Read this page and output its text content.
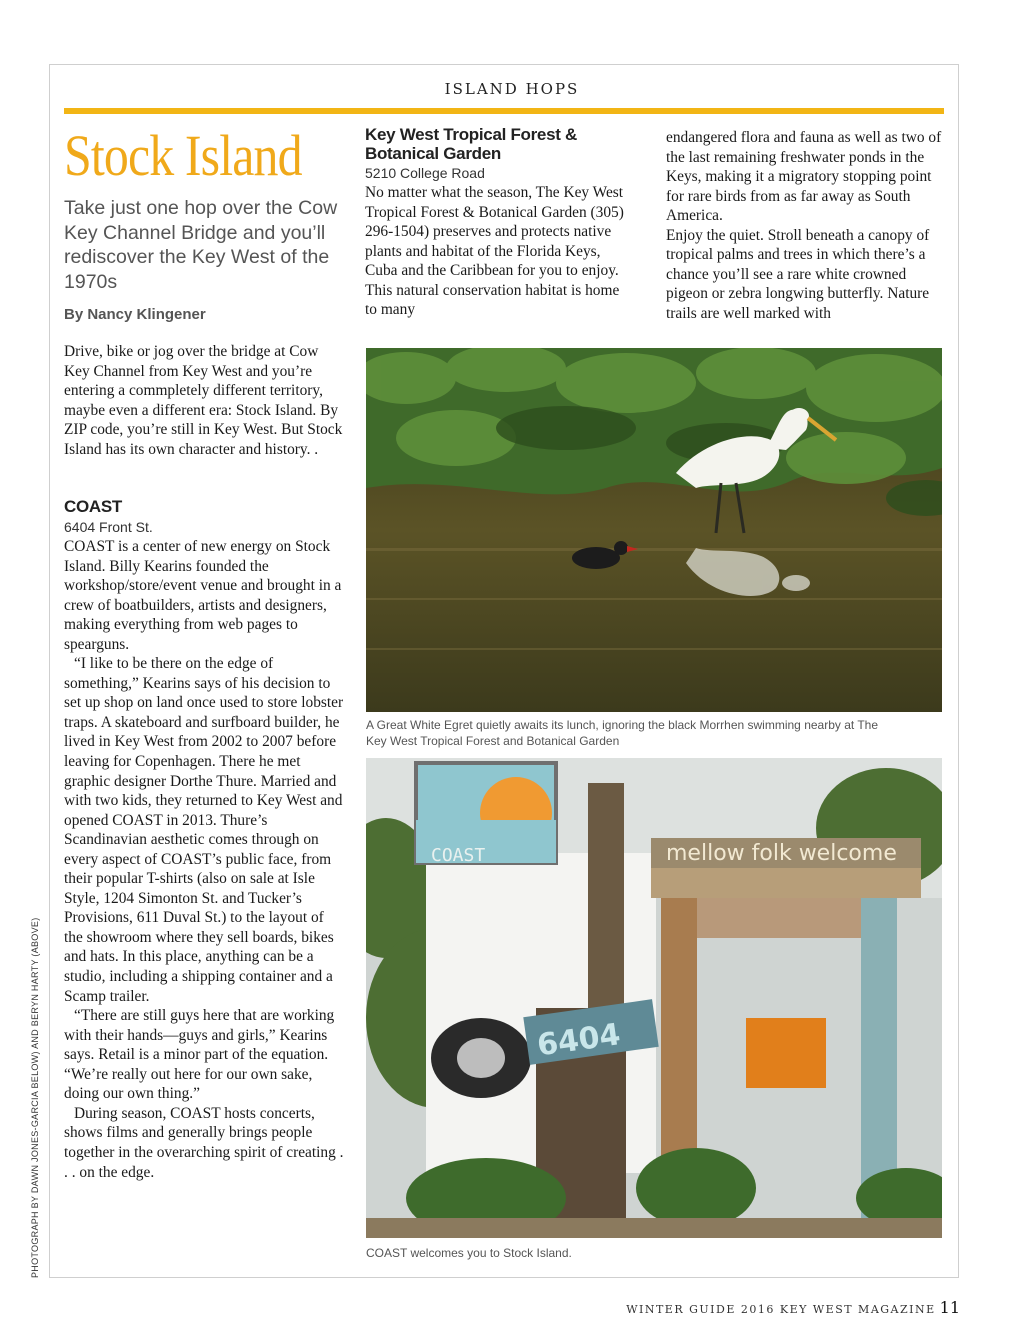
ISLAND HOPS
Stock Island
Take just one hop over the Cow Key Channel Bridge and you’ll rediscover the Key West of the 1970s
By Nancy Klingener

Drive, bike or jog over the bridge at Cow Key Channel from Key West and you’re entering a commpletely different territory, maybe even a different era: Stock Island. By ZIP code, you’re still in Key West. But Stock Island has its own character and history. .

COAST
6404 Front St.

COAST is a center of new energy on Stock Island. Billy Kearins founded the workshop/store/event venue and brought in a crew of boatbuilders, artists and designers, making everything from web pages to spearguns.

“I like to be there on the edge of something,” Kearins says of his decision to set up shop on land once used to store lobster traps. A skateboard and surfboard builder, he lived in Key West from 2002 to 2007 before leaving for Copenhagen. There he met graphic designer Dorthe Thure. Married and with two kids, they returned to Key West and opened COAST in 2013. Thure’s Scandinavian aesthetic comes through on every aspect of COAST’s public face, from their popular T-shirts (also on sale at Isle Style, 1204 Simonton St. and Tucker’s Provisions, 611 Duval St.) to the layout of the showroom where they sell boards, bikes and hats. In this place, anything can be a studio, including a shipping container and a Scamp trailer.

“There are still guys here that are working with their hands—guys and girls,” Kearins says. Retail is a minor part of the equation. “We’re really out here for our own sake, doing our own thing.”

During season, COAST hosts concerts, shows films and generally brings people together in the overarching spirit of creating . . . on the edge.

Key West Tropical Forest & Botanical Garden
5210 College Road

No matter what the season, The Key West Tropical Forest & Botanical Garden (305) 296-1504) preserves and protects native plants and habitat of the Florida Keys, Cuba and the Caribbean for you to enjoy. This natural conservation habitat is home to many

endangered flora and fauna as well as two of the last remaining freshwater ponds in the Keys, making it a migratory stopping point for rare birds from as far away as South America.

Enjoy the quiet. Stroll beneath a canopy of tropical palms and trees in which there’s a chance you’ll see a rare white crowned pigeon or zebra longwing butterfly. Nature trails are well marked with

A Great White Egret quietly awaits its lunch, ignoring the black Morrhen swimming nearby at The Key West Tropical Forest and Botanical Garden
COAST	mellow folk welcome
6404
COAST welcomes you to Stock Island.
PHOTOGRAPH BY DAWN JONES-GARCIA BELOW) AND BERYN HARTY (ABOVE)
WINTER GUIDE 2016 KEY WEST MAGAZINE 11
